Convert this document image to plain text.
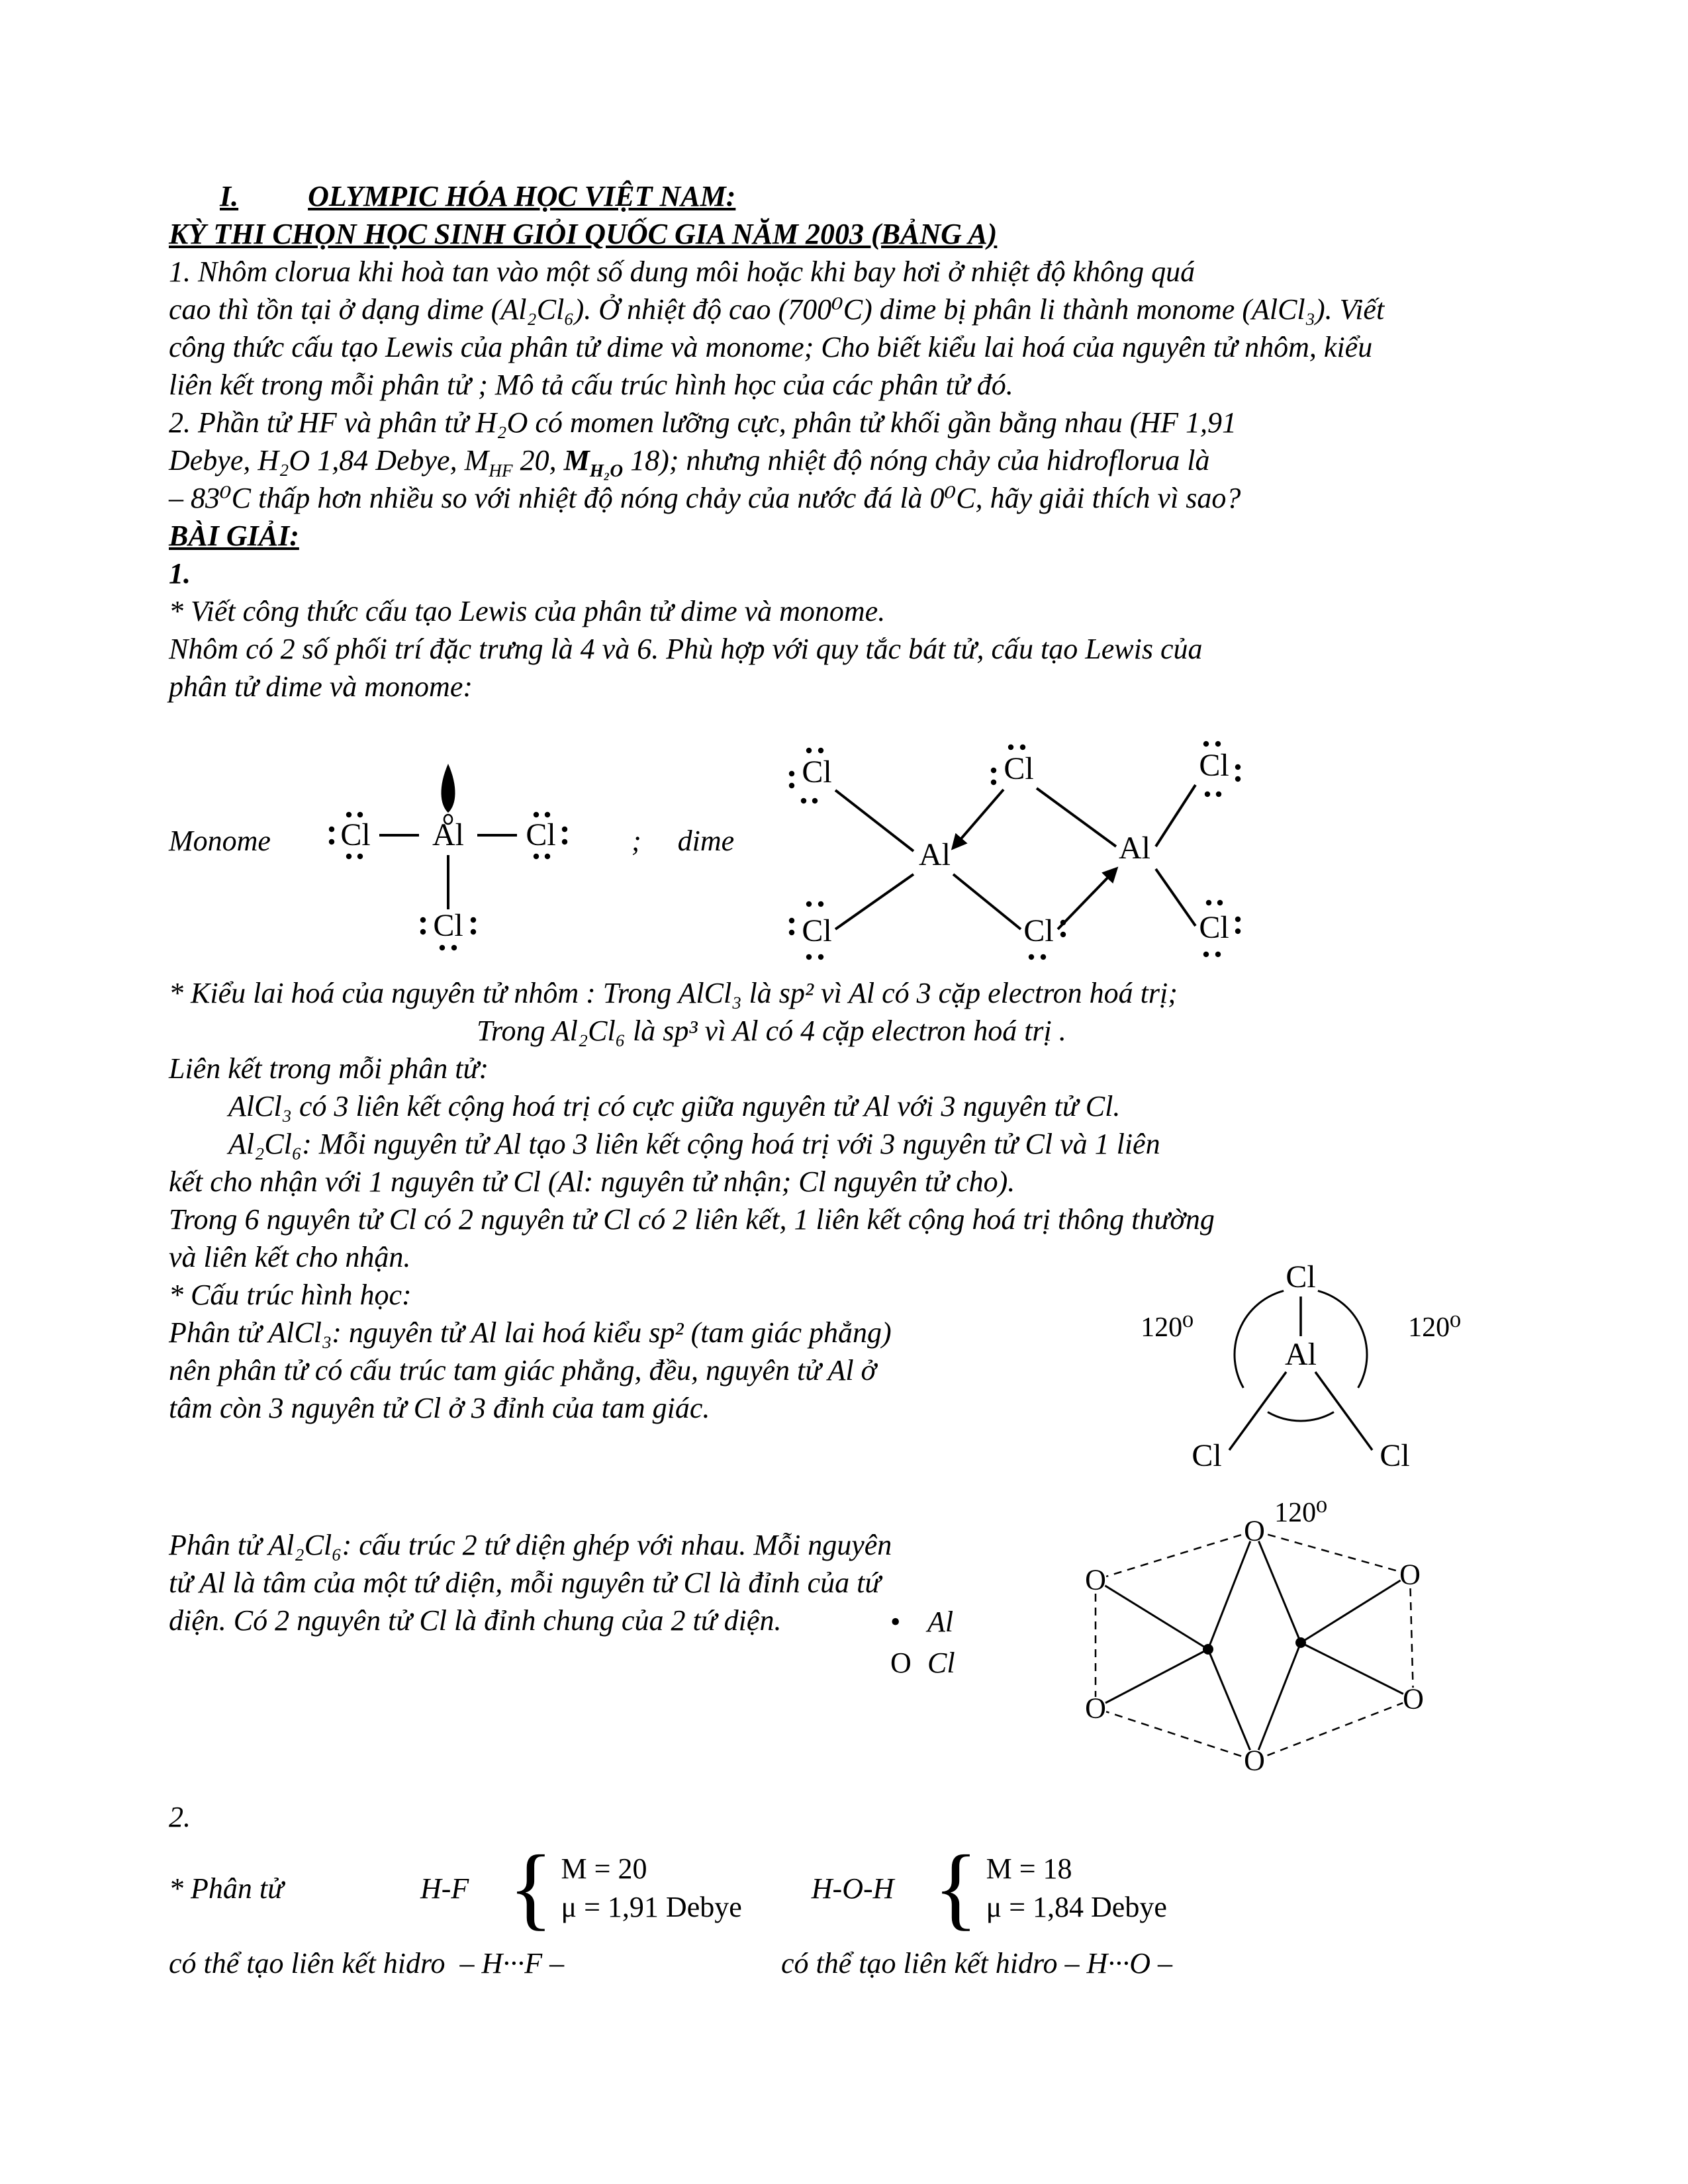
I. OLYMPIC HÓA HỌC VIỆT NAM:
KỲ THI CHỌN HỌC SINH GIỎI QUỐC GIA NĂM 2003 (BẢNG A)
1. Nhôm clorua khi hoà tan vào một số dung môi hoặc khi bay hơi ở nhiệt độ không quá
cao thì tồn tại ở dạng dime (Al₂Cl₆). Ở nhiệt độ cao (700⁰C) dime bị phân li thành monome (AlCl₃). Viết
công thức cấu tạo Lewis của phân tử dime và monome; Cho biết kiểu lai hoá của nguyên tử nhôm, kiểu
liên kết trong mỗi phân tử ; Mô tả cấu trúc hình học của các phân tử đó.
2. Phần tử HF và phân tử H₂O có momen lưỡng cực, phân tử khối gần bằng nhau (HF 1,91
Debye, H₂O 1,84 Debye, $M_{HF}$ 20, $M_{H_2O}$ 18); nhưng nhiệt độ nóng chảy của hidroflorua là
– 83⁰C thấp hơn nhiều so với nhiệt độ nóng chảy của nước đá là 0⁰C, hãy giải thích vì sao?
BÀI GIẢI:
1.
* Viết công thức cấu tạo Lewis của phân tử dime và monome.
Nhôm có 2 số phối trí đặc trưng là 4 và 6. Phù hợp với quy tắc bát tử, cấu tạo Lewis của
phân tử dime và monome:
Monome	Al
Cl	Cl
Cl
; dime
Cl	Cl	Cl
Al	Al
Cl	Cl	Cl
* Kiểu lai hoá của nguyên tử nhôm : Trong AlCl₃ là sp² vì Al có 3 cặp electron hoá trị;
Trong Al₂Cl₆ là sp³ vì Al có 4 cặp electron hoá trị .
Liên kết trong mỗi phân tử:
AlCl₃ có 3 liên kết cộng hoá trị có cực giữa nguyên tử Al với 3 nguyên tử Cl.
Al₂Cl₆: Mỗi nguyên tử Al tạo 3 liên kết cộng hoá trị với 3 nguyên tử Cl và 1 liên
kết cho nhận với 1 nguyên tử Cl (Al: nguyên tử nhận; Cl nguyên tử cho).
Trong 6 nguyên tử Cl có 2 nguyên tử Cl có 2 liên kết, 1 liên kết cộng hoá trị thông thường
và liên kết cho nhận.
* Cấu trúc hình học:
Phân tử AlCl₃: nguyên tử Al lai hoá kiểu sp² (tam giác phẳng)
nên phân tử có cấu trúc tam giác phẳng, đều, nguyên tử Al ở
tâm còn 3 nguyên tử Cl ở 3 đỉnh của tam giác.
Phân tử Al₂Cl₆: cấu trúc 2 tứ diện ghép với nhau. Mỗi nguyên
tử Al là tâm của một tứ diện, mỗi nguyên tử Cl là đỉnh của tứ
diện. Có 2 nguyên tử Cl là đỉnh chung của 2 tứ diện.
Cl
Al
Cl	Cl
120⁰	120⁰
120⁰
O
O
O
O
O
O
• Al
O Cl
2.
* Phân tử	H-F { M = 20
μ = 1,91 Debye
H-O-H { M = 18
μ = 1,84 Debye
có thể tạo liên kết hidro  – H···F –	có thể tạo liên kết hidro – H···O –
